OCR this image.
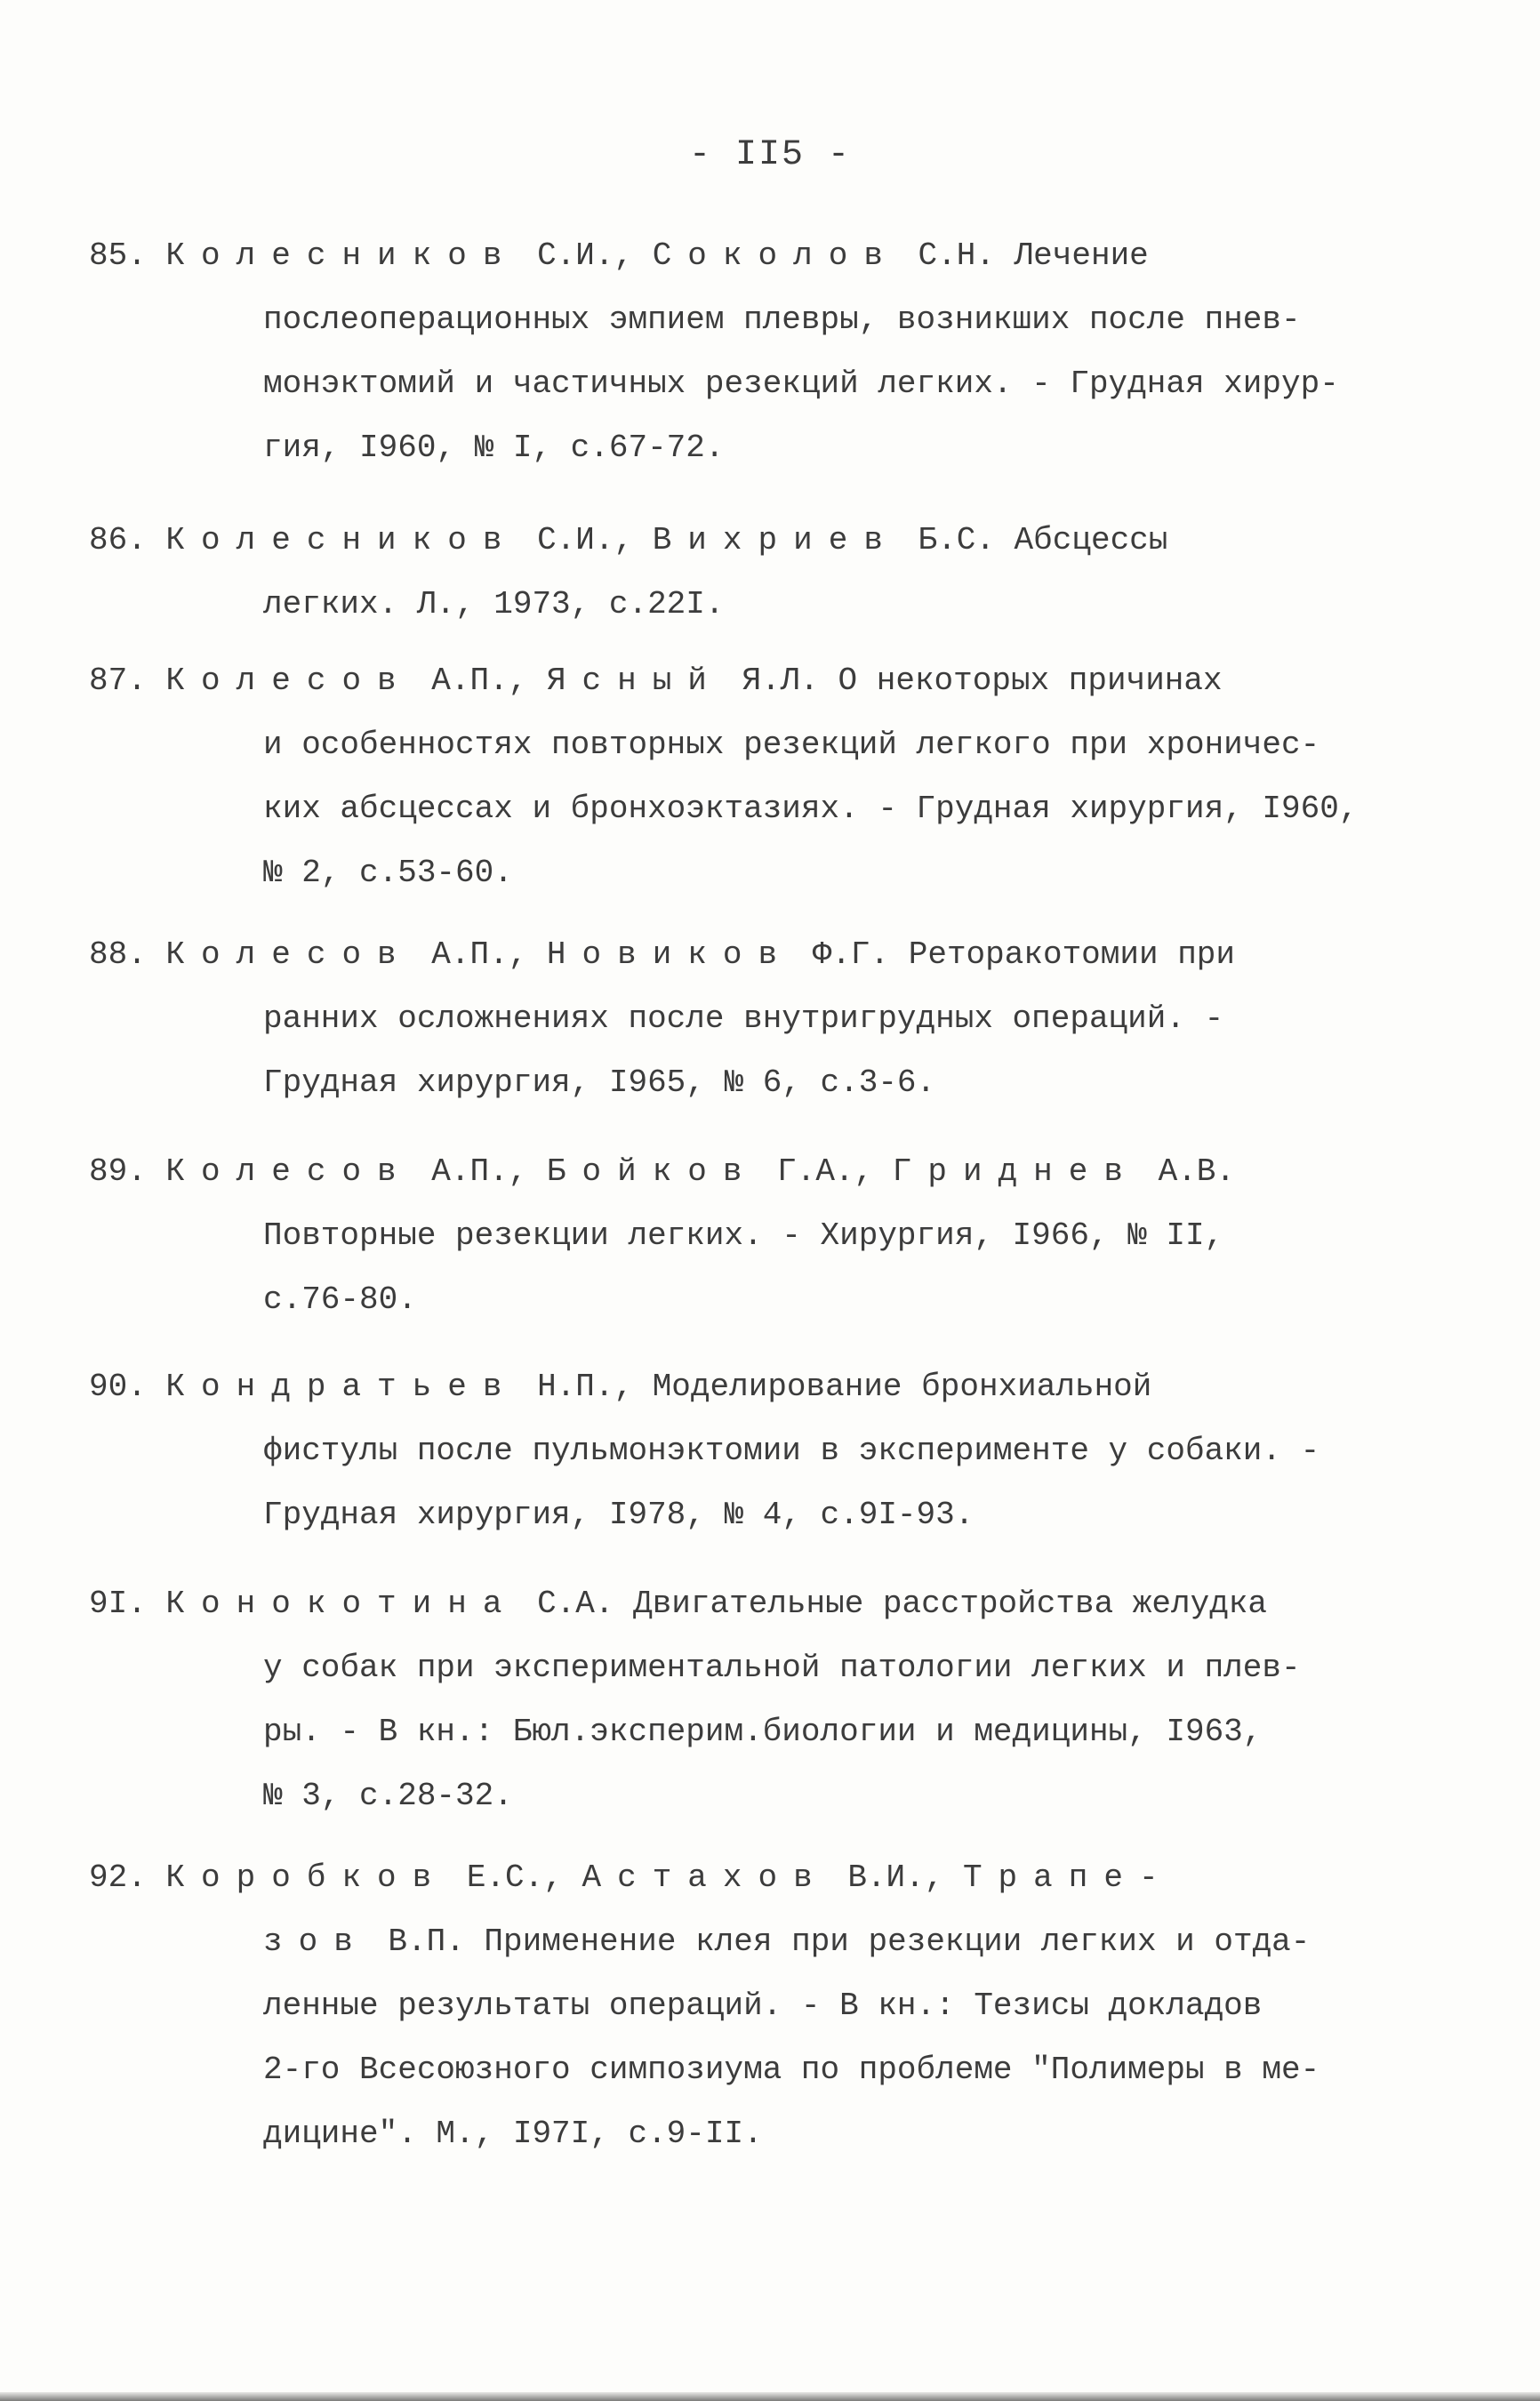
- II5 -
85. Колесников С.И., Соколов С.Н. Лечение
послеоперационных эмпием плевры, возникших после пнев-
монэктомий и частичных резекций легких. - Грудная хирур-
гия, I960, № I, с.67-72.
86. Колесников С.И., Вихриев Б.С. Абсцессы
легких. Л., 1973, с.22I.
87. Колесов А.П., Ясный Я.Л. О некоторых причинах
и особенностях повторных резекций легкого при хроничес-
ких абсцессах и бронхоэктазиях. - Грудная хирургия, I960,
№ 2, с.53-60.
88. Колесов А.П., Новиков Ф.Г. Реторакотомии при
ранних осложнениях после внутригрудных операций. -
Грудная хирургия, I965, № 6, с.3-6.
89. Колесов А.П., Бойков Г.А., Гриднев А.В.
Повторные резекции легких. - Хирургия, I966, № II,
с.76-80.
90. Кондратьев Н.П., Моделирование бронхиальной
фистулы после пульмонэктомии в эксперименте у собаки. -
Грудная хирургия, I978, № 4, с.9I-93.
9I. Конокотина С.А. Двигательные расстройства желудка
у собак при экспериментальной патологии легких и плев-
ры. - В кн.: Бюл.эксперим.биологии и медицины, I963,
№ 3, с.28-32.
92. Коробков Е.С., Астахов В.И., Трапе-
зов В.П. Применение клея при резекции легких и отда-
ленные результаты операций. - В кн.: Тезисы докладов
2-го Всесоюзного симпозиума по проблеме "Полимеры в ме-
дицине". М., I97I, с.9-II.
